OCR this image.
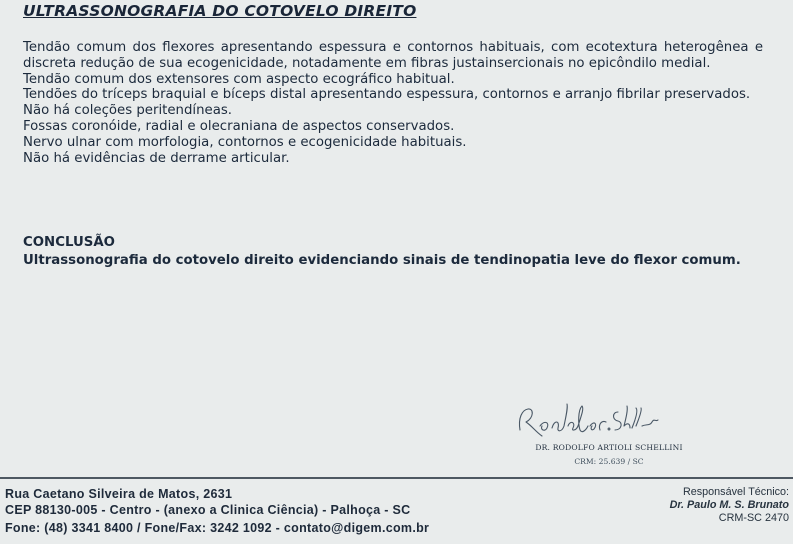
ULTRASSONOGRAFIA DO COTOVELO DIREITO

Tendão comum dos flexores apresentando espessura e contornos habituais, com ecotextura heterogênea e discreta redução de sua ecogenicidade, notadamente em fibras justainsercionais no epicôndilo medial.

Tendão comum dos extensores com aspecto ecográfico habitual.

Tendões do tríceps braquial e bíceps distal apresentando espessura, contornos e arranjo fibrilar preservados.

Não há coleções peritendíneas.

Fossas coronóide, radial e olecraniana de aspectos conservados.

Nervo ulnar com morfologia, contornos e ecogenicidade habituais.

Não há evidências de derrame articular.

CONCLUSÃO

Ultrassonografia do cotovelo direito evidenciando sinais de tendinopatia leve do flexor comum.

DR. RODOLFO ARTIOLI SCHELLINI
CRM: 25.639 / SC

Rua Caetano Silveira de Matos, 2631

CEP 88130-005 - Centro - (anexo a Clinica Ciência) - Palhoça - SC

Fone: (48) 3341 8400 / Fone/Fax: 3242 1092 - contato@digem.com.br

Responsável Técnico:
Dr. Paulo M. S. Brunato
CRM-SC 2470
